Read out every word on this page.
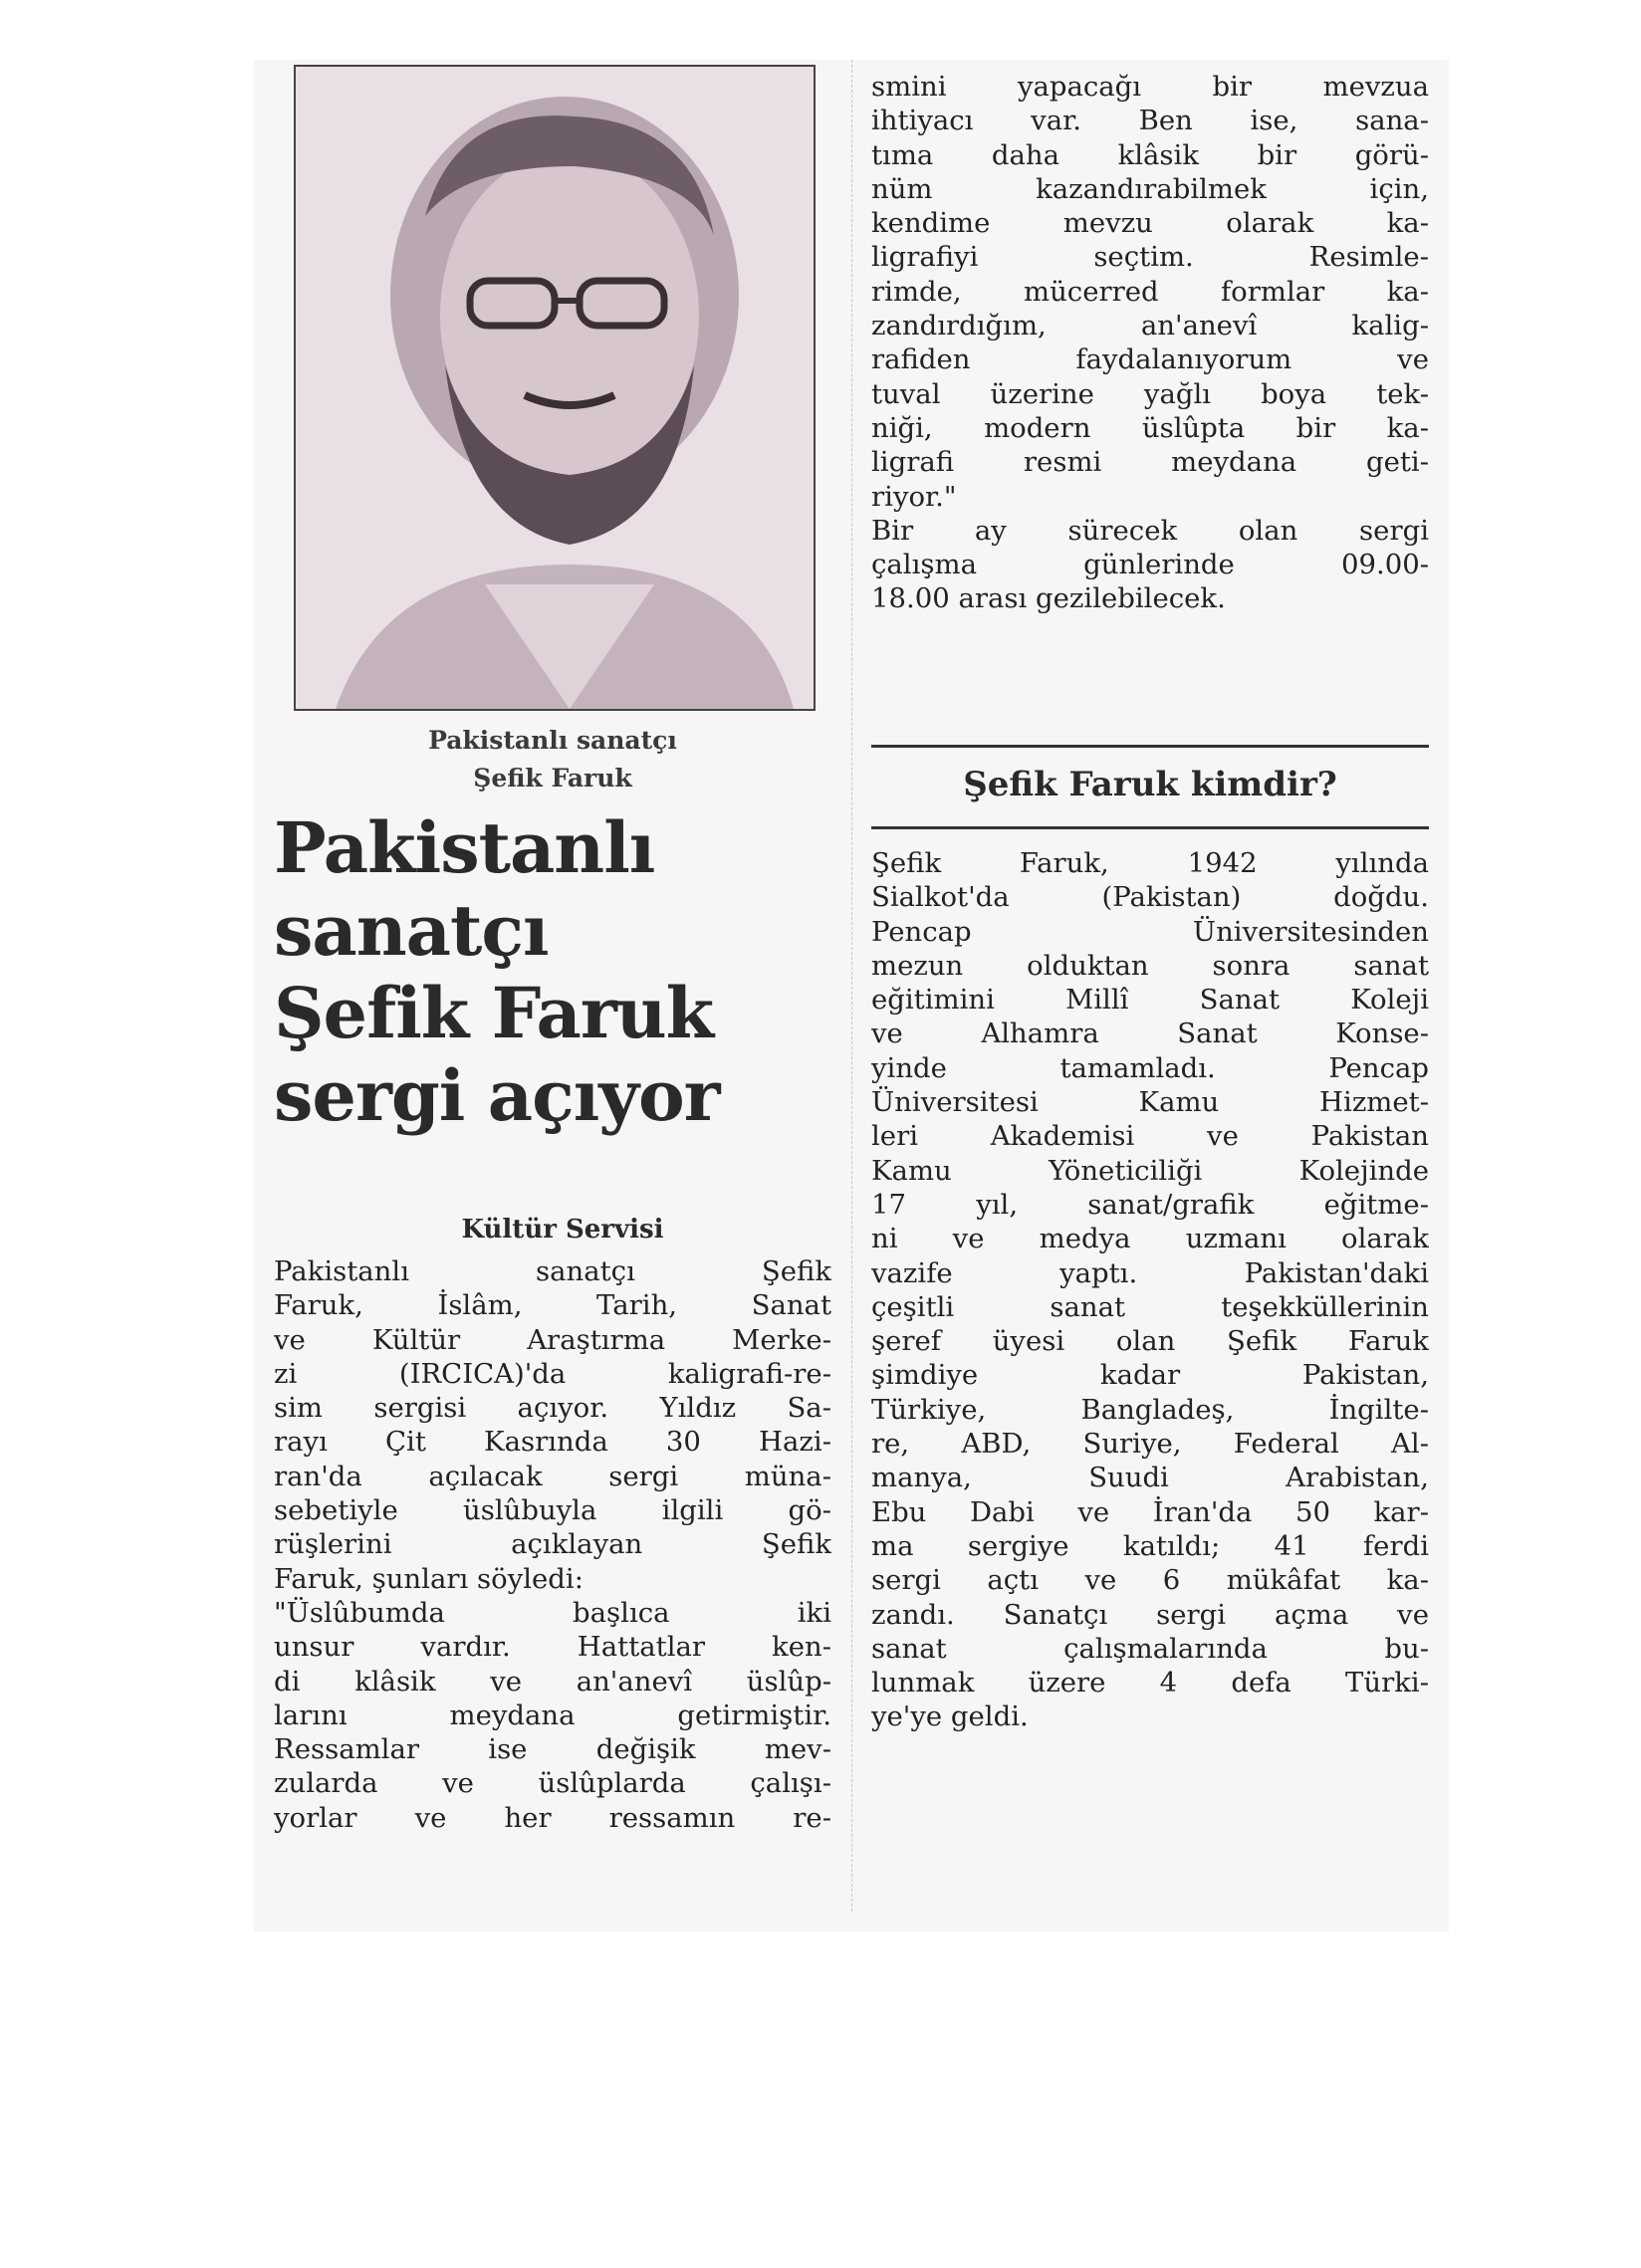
Pakistanlı sanatçı
Şefik Faruk
Pakistanlı
sanatçı
Şefik Faruk
sergi açıyor
Kültür Servisi
Pakistanlı sanatçı Şefik
Faruk, İslâm, Tarih, Sanat
ve Kültür Araştırma Merke-
zi (IRCICA)'da kaligrafi-re-
sim sergisi açıyor. Yıldız Sa-
rayı Çit Kasrında 30 Hazi-
ran'da açılacak sergi müna-
sebetiyle üslûbuyla ilgili gö-
rüşlerini açıklayan Şefik
Faruk, şunları söyledi:
"Üslûbumda başlıca iki
unsur vardır. Hattatlar ken-
di klâsik ve an'anevî üslûp-
larını meydana getirmiştir.
Ressamlar ise değişik mev-
zularda ve üslûplarda çalışı-
yorlar ve her ressamın re-
smini yapacağı bir mevzua
ihtiyacı var. Ben ise, sana-
tıma daha klâsik bir görü-
nüm kazandırabilmek için,
kendime mevzu olarak ka-
ligrafiyi seçtim. Resimle-
rimde, mücerred formlar ka-
zandırdığım, an'anevî kalig-
rafiden faydalanıyorum ve
tuval üzerine yağlı boya tek-
niği, modern üslûpta bir ka-
ligrafi resmi meydana geti-
riyor."
Bir ay sürecek olan sergi
çalışma günlerinde 09.00-
18.00 arası gezilebilecek.
Şefik Faruk kimdir?
Şefik Faruk, 1942 yılında
Sialkot'da (Pakistan) doğdu.
Pencap Üniversitesinden
mezun olduktan sonra sanat
eğitimini Millî Sanat Koleji
ve Alhamra Sanat Konse-
yinde tamamladı. Pencap
Üniversitesi Kamu Hizmet-
leri Akademisi ve Pakistan
Kamu Yöneticiliği Kolejinde
17 yıl, sanat/grafik eğitme-
ni ve medya uzmanı olarak
vazife yaptı. Pakistan'daki
çeşitli sanat teşekküllerinin
şeref üyesi olan Şefik Faruk
şimdiye kadar Pakistan,
Türkiye, Bangladeş, İngilte-
re, ABD, Suriye, Federal Al-
manya, Suudi Arabistan,
Ebu Dabi ve İran'da 50 kar-
ma sergiye katıldı; 41 ferdi
sergi açtı ve 6 mükâfat ka-
zandı. Sanatçı sergi açma ve
sanat çalışmalarında bu-
lunmak üzere 4 defa Türki-
ye'ye geldi.
